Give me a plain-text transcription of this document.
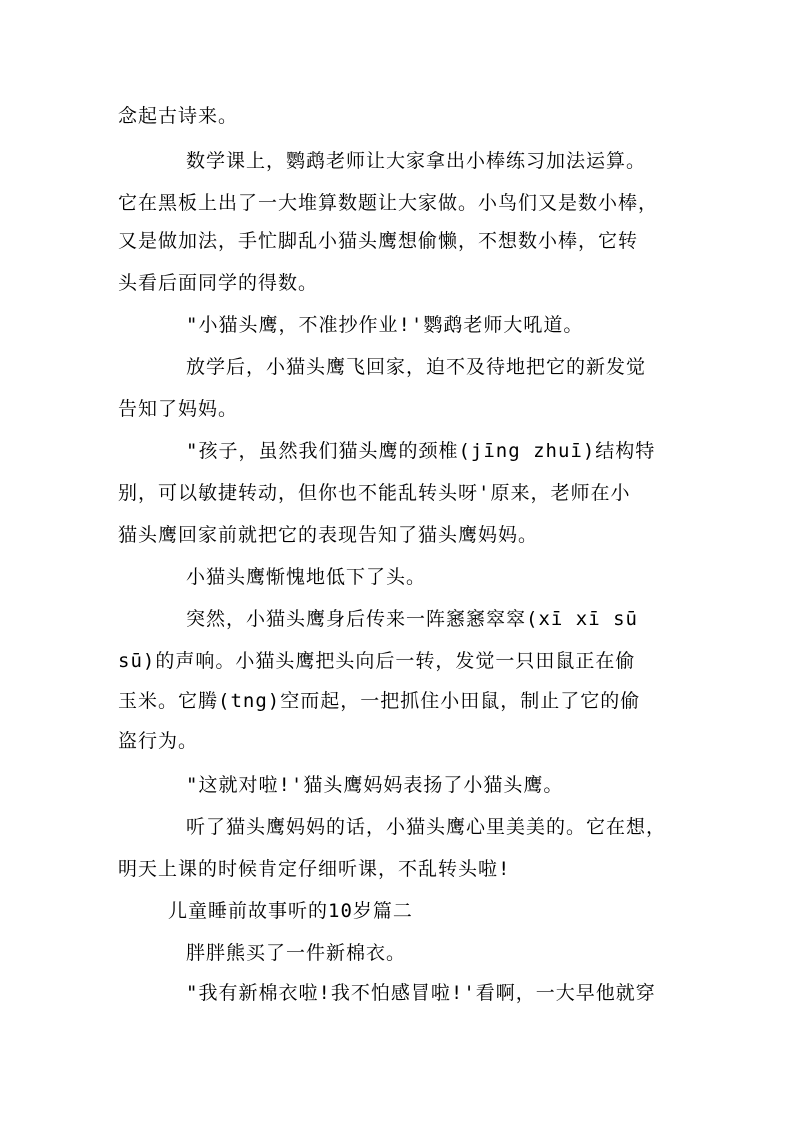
念起古诗来。
数学课上，鹦鹉老师让大家拿出小棒练习加法运算。
它在黑板上出了一大堆算数题让大家做。小鸟们又是数小棒，
又是做加法，手忙脚乱小猫头鹰想偷懒，不想数小棒，它转
头看后面同学的得数。
"小猫头鹰，不准抄作业!'鹦鹉老师大吼道。
放学后，小猫头鹰飞回家，迫不及待地把它的新发觉
告知了妈妈。
"孩子，虽然我们猫头鹰的颈椎(jīng zhuī)结构特
别，可以敏捷转动，但你也不能乱转头呀'原来，老师在小
猫头鹰回家前就把它的表现告知了猫头鹰妈妈。
小猫头鹰惭愧地低下了头。
突然，小猫头鹰身后传来一阵窸窸窣窣(xī xī sū
sū)的声响。小猫头鹰把头向后一转，发觉一只田鼠正在偷
玉米。它腾(tng)空而起，一把抓住小田鼠，制止了它的偷
盗行为。
"这就对啦!'猫头鹰妈妈表扬了小猫头鹰。
听了猫头鹰妈妈的话，小猫头鹰心里美美的。它在想，
明天上课的时候肯定仔细听课，不乱转头啦!
儿童睡前故事听的10岁篇二
胖胖熊买了一件新棉衣。
"我有新棉衣啦!我不怕感冒啦!'看啊，一大早他就穿
